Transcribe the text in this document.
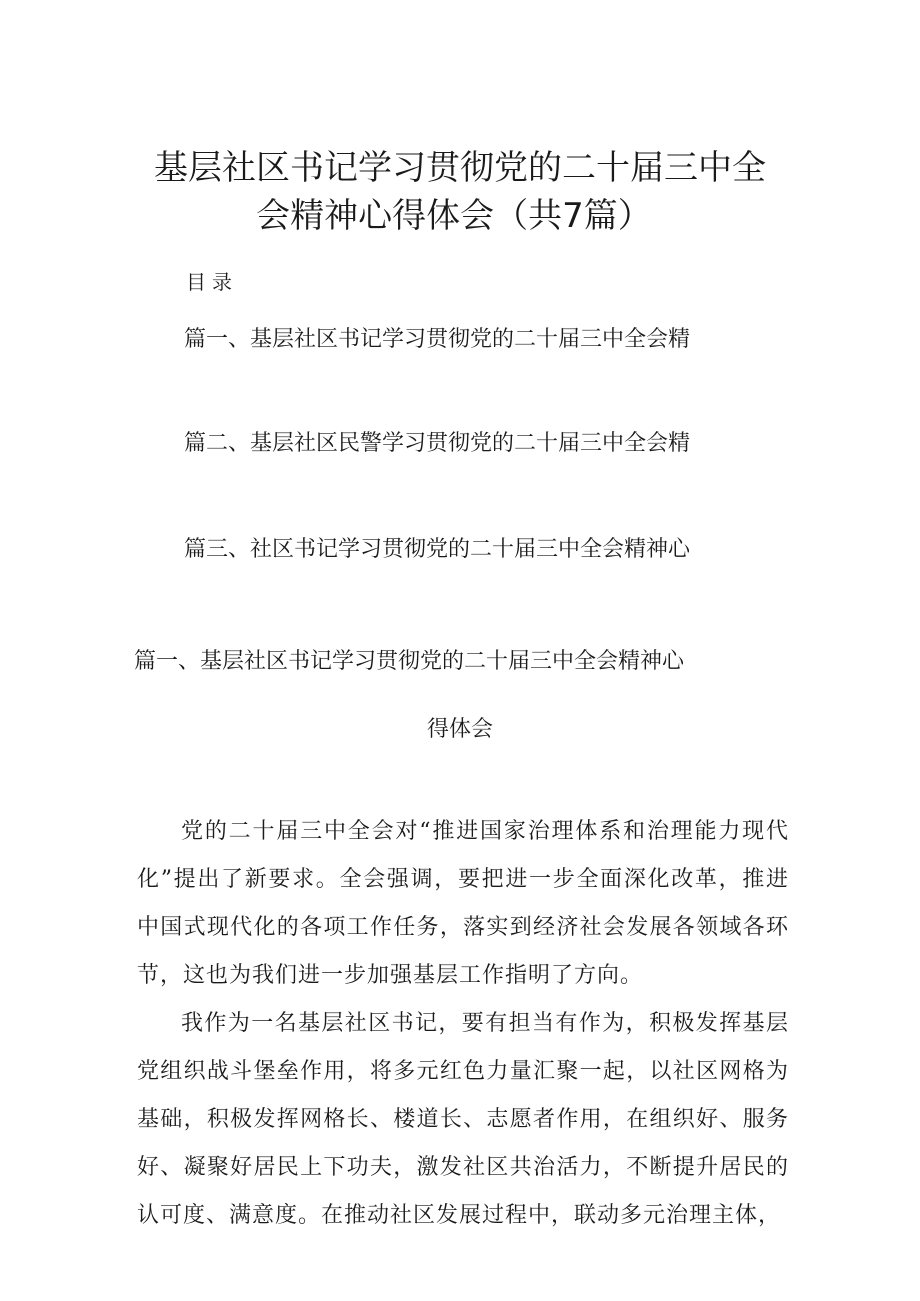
基层社区书记学习贯彻党的二十届三中全
会精神心得体会（共7篇）
目录
篇一、基层社区书记学习贯彻党的二十届三中全会精
篇二、基层社区民警学习贯彻党的二十届三中全会精
篇三、社区书记学习贯彻党的二十届三中全会精神心
篇一、基层社区书记学习贯彻党的二十届三中全会精神心
得体会

党的二十届三中全会对“推进国家治理体系和治理能力现代化”提出了新要求。全会强调，要把进一步全面深化改革，推进中国式现代化的各项工作任务，落实到经济社会发展各领域各环节，这也为我们进一步加强基层工作指明了方向。

我作为一名基层社区书记，要有担当有作为，积极发挥基层党组织战斗堡垒作用，将多元红色力量汇聚一起，以社区网格为基础，积极发挥网格长、楼道长、志愿者作用，在组织好、服务好、凝聚好居民上下功夫，激发社区共治活力，不断提升居民的认可度、满意度。在推动社区发展过程中，联动多元治理主体，
